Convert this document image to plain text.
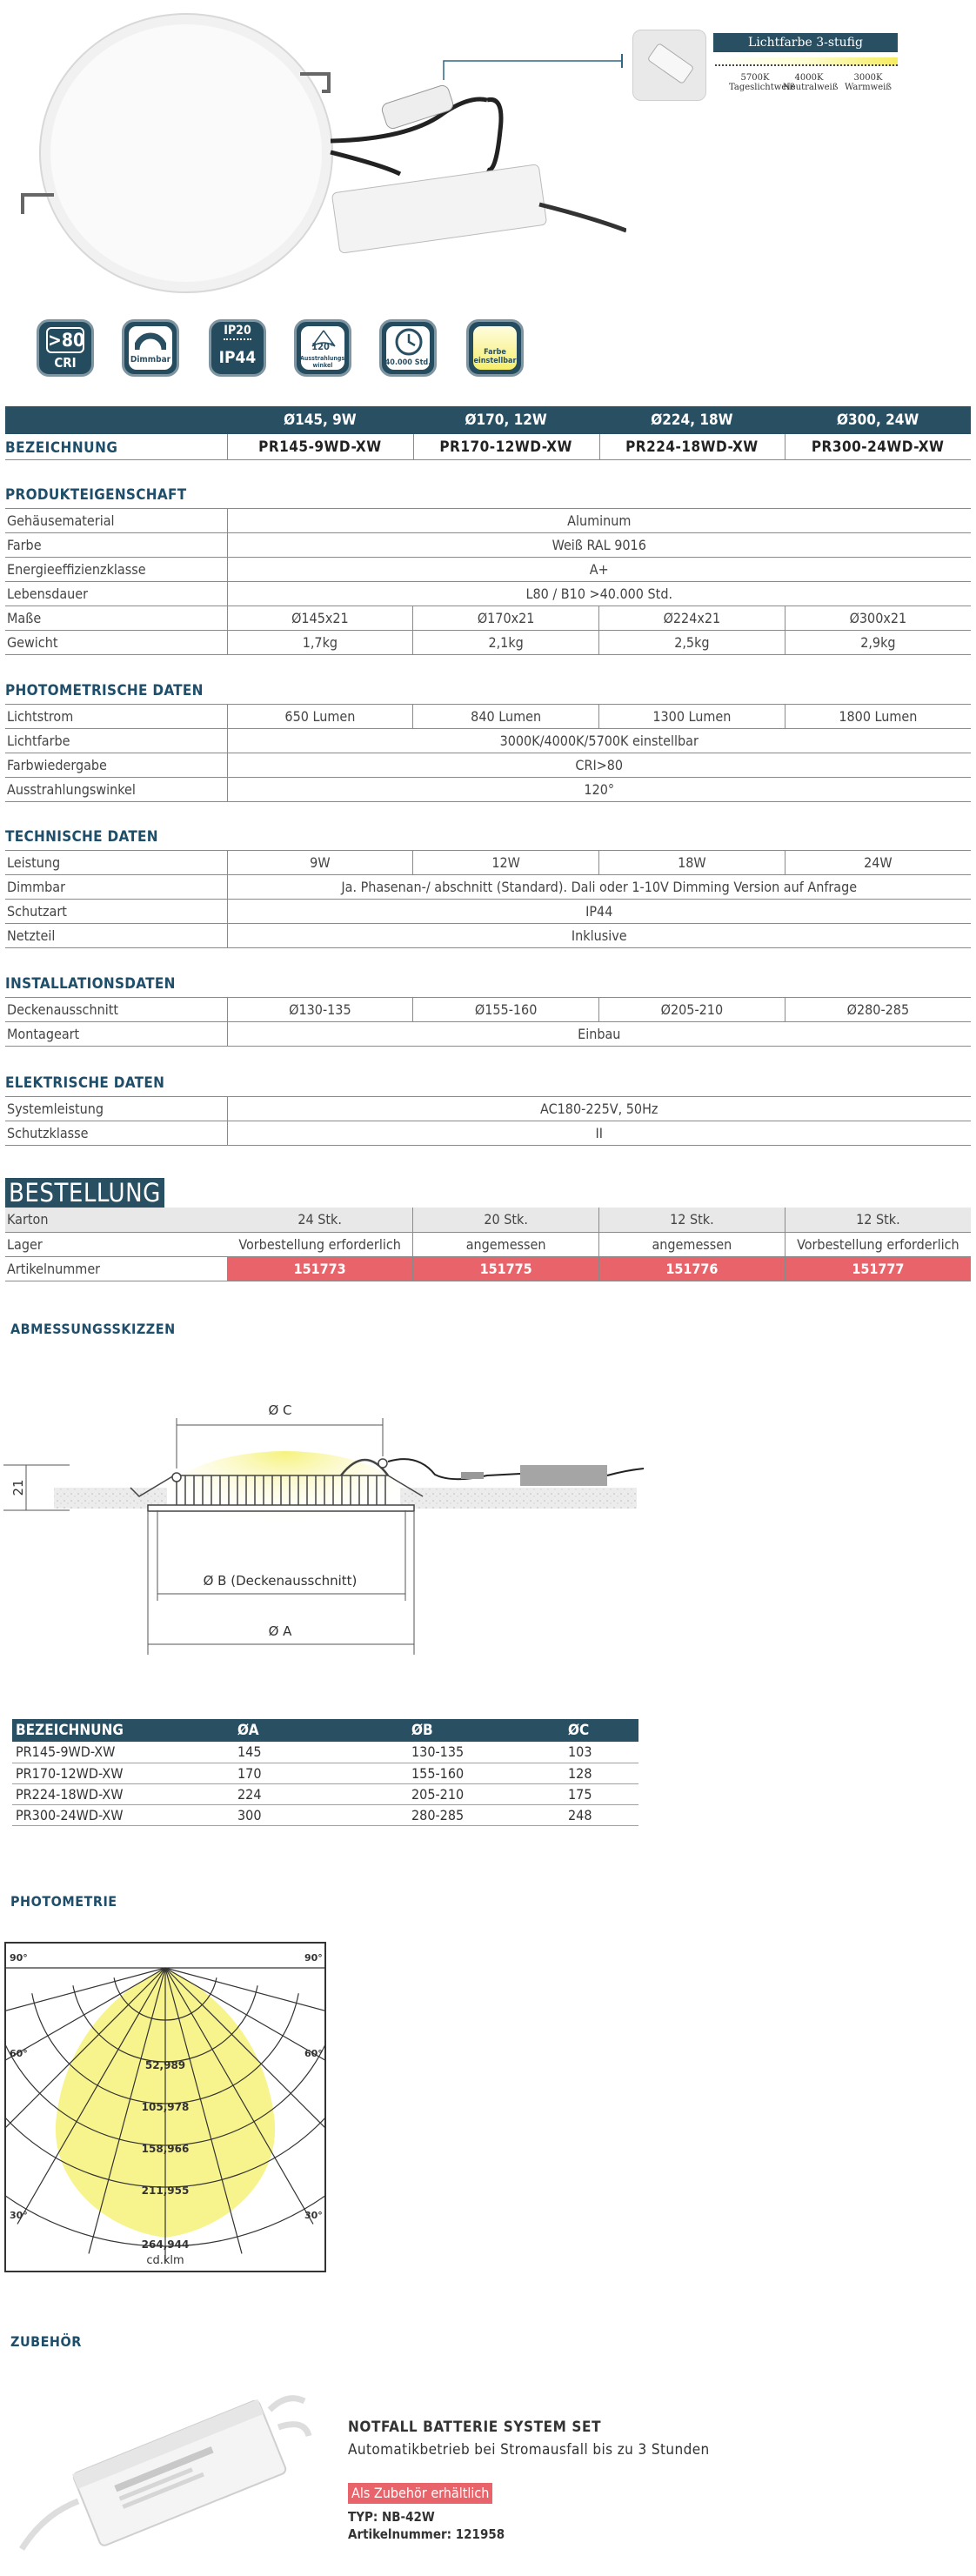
Lichtfarbe 3-stufig
5700K
Tageslichtweiß
4000K
Neutralweiß
3000K
Warmweiß
>80
CRI	Dimmbar
IP20
IP44
120°
Ausstrahlungs-winkel	40.000 Std.
Farbe einstellbar
Ø145, 9W	Ø170, 12W	Ø224, 18W	Ø300, 24W
BEZEICHNUNG	PR145-9WD-XW	PR170-12WD-XW	PR224-18WD-XW	PR300-24WD-XW
PRODUKTEIGENSCHAFT
Gehäusematerial	Aluminum			
Farbe	Weiß RAL 9016			
Energieeffizienzklasse	A+			
Lebensdauer	L80 / B10 >40.000 Std.			
Maße	Ø145x21	Ø170x21	Ø224x21	Ø300x21
Gewicht	1,7kg	2,1kg	2,5kg	2,9kg
PHOTOMETRISCHE DATEN
Lichtstrom	650 Lumen	840 Lumen	1300 Lumen	1800 Lumen
Lichtfarbe	3000K/4000K/5700K einstellbar			
Farbwiedergabe	CRI>80			
Ausstrahlungswinkel	120°			
TECHNISCHE DATEN
Leistung	9W	12W	18W	24W
Dimmbar	Ja. Phasenan-/ abschnitt (Standard). Dali oder 1-10V Dimming Version auf Anfrage			
Schutzart	IP44			
Netzteil	Inklusive			
INSTALLATIONSDATEN
Deckenausschnitt	Ø130-135	Ø155-160	Ø205-210	Ø280-285
Montageart	Einbau			
ELEKTRISCHE DATEN
Systemleistung	AC180-225V, 50Hz
Schutzklasse	II
BESTELLUNG
Karton	24 Stk.	20 Stk.	12 Stk.	12 Stk.
Lager	Vorbestellung erforderlich	angemessen	angemessen	Vorbestellung erforderlich
Artikelnummer	151773	151775	151776	151777
ABMESSUNGSSKIZZEN
Ø C
Ø B (Deckenausschnitt)
Ø A
21
BEZEICHNUNG	ØA	ØB	ØC
PR145-9WD-XW	145	130-135	103
PR170-12WD-XW	170	155-160	128
PR224-18WD-XW	224	205-210	175
PR300-24WD-XW	300	280-285	248
PHOTOMETRIE
90°	90°
60°	60°
30°	30°
52,989
105,978
158,966
211,955
264,944
cd.klm
ZUBEHÖR
NOTFALL BATTERIE SYSTEM SET
Automatikbetrieb bei Stromausfall bis zu 3 Stunden
Als Zubehör erhältlich
TYP: NB-42W
Artikelnummer: 121958
